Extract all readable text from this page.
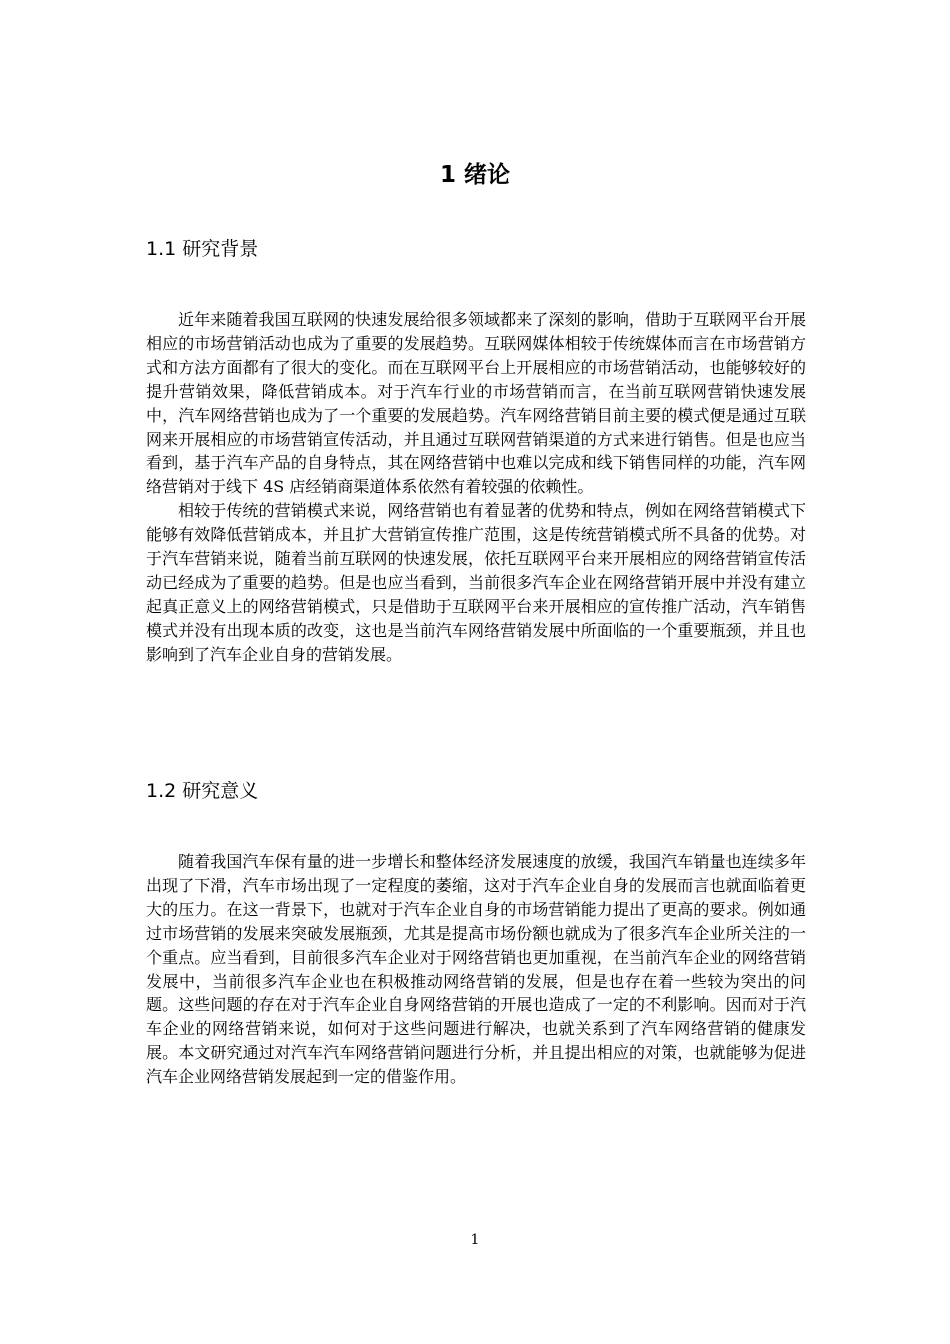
1 绪论
1.1 研究背景

近年来随着我国互联网的快速发展给很多领域都来了深刻的影响，借助于互联网平台开展相应的市场营销活动也成为了重要的发展趋势。互联网媒体相较于传统媒体而言在市场营销方式和方法方面都有了很大的变化。而在互联网平台上开展相应的市场营销活动，也能够较好的提升营销效果，降低营销成本。对于汽车行业的市场营销而言，在当前互联网营销快速发展中，汽车网络营销也成为了一个重要的发展趋势。汽车网络营销目前主要的模式便是通过互联网来开展相应的市场营销宣传活动，并且通过互联网营销渠道的方式来进行销售。但是也应当看到，基于汽车产品的自身特点，其在网络营销中也难以完成和线下销售同样的功能，汽车网络营销对于线下 4S 店经销商渠道体系依然有着较强的依赖性。

相较于传统的营销模式来说，网络营销也有着显著的优势和特点，例如在网络营销模式下能够有效降低营销成本，并且扩大营销宣传推广范围，这是传统营销模式所不具备的优势。对于汽车营销来说，随着当前互联网的快速发展，依托互联网平台来开展相应的网络营销宣传活动已经成为了重要的趋势。但是也应当看到，当前很多汽车企业在网络营销开展中并没有建立起真正意义上的网络营销模式，只是借助于互联网平台来开展相应的宣传推广活动，汽车销售模式并没有出现本质的改变，这也是当前汽车网络营销发展中所面临的一个重要瓶颈，并且也影响到了汽车企业自身的营销发展。

1.2 研究意义

随着我国汽车保有量的进一步增长和整体经济发展速度的放缓，我国汽车销量也连续多年出现了下滑，汽车市场出现了一定程度的萎缩，这对于汽车企业自身的发展而言也就面临着更大的压力。在这一背景下，也就对于汽车企业自身的市场营销能力提出了更高的要求。例如通过市场营销的发展来突破发展瓶颈，尤其是提高市场份额也就成为了很多汽车企业所关注的一个重点。应当看到，目前很多汽车企业对于网络营销也更加重视，在当前汽车企业的网络营销发展中，当前很多汽车企业也在积极推动网络营销的发展，但是也存在着一些较为突出的问题。这些问题的存在对于汽车企业自身网络营销的开展也造成了一定的不利影响。因而对于汽车企业的网络营销来说，如何对于这些问题进行解决，也就关系到了汽车网络营销的健康发展。本文研究通过对汽车汽车网络营销问题进行分析，并且提出相应的对策，也就能够为促进汽车企业网络营销发展起到一定的借鉴作用。

1
